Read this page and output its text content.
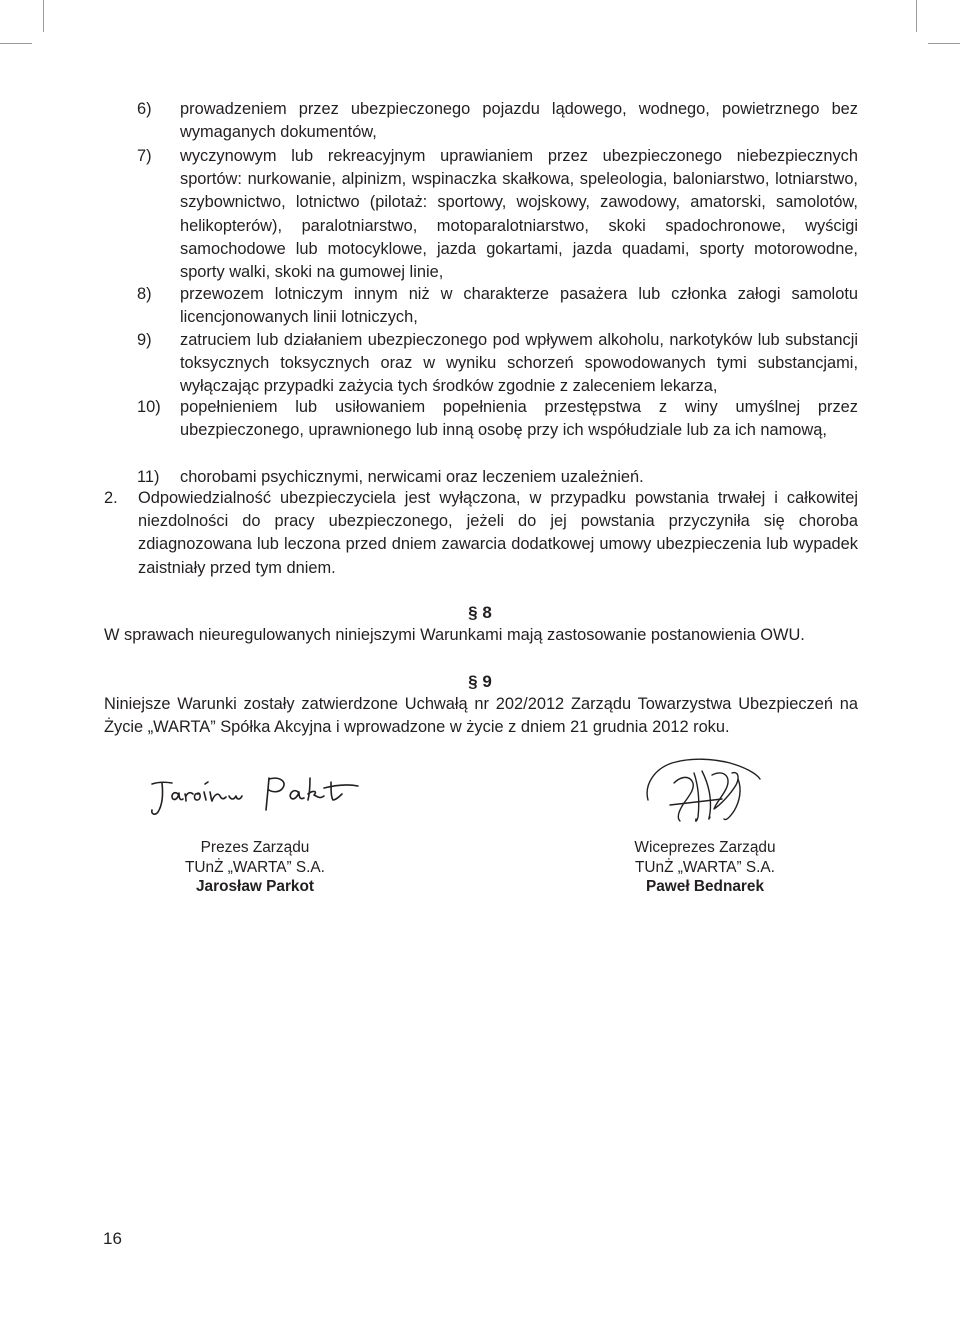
6) prowadzeniem przez ubezpieczonego pojazdu lądowego, wodnego, powietrznego bez wymaganych dokumentów,
7) wyczynowym lub rekreacyjnym uprawianiem przez ubezpieczonego niebezpiecznych sportów: nurkowanie, alpinizm, wspinaczka skałkowa, speleologia, baloniarstwo, lotniarstwo, szybownictwo, lotnictwo (pilotaż: sportowy, wojskowy, zawodowy, amatorski, samolotów, helikopterów), paralotniarstwo, motoparalotniarstwo, skoki spadochronowe, wyścigi samochodowe lub motocyklowe, jazda gokartami, jazda quadami, sporty motorowodne, sporty walki, skoki na gumowej linie,
8) przewozem lotniczym innym niż w charakterze pasażera lub członka załogi samolotu licencjonowanych linii lotniczych,
9) zatruciem lub działaniem ubezpieczonego pod wpływem alkoholu, narkotyków lub substancji toksycznych toksycznych oraz w wyniku schorzeń spowodowanych tymi substancjami, wyłączając przypadki zażycia tych środków zgodnie z zaleceniem lekarza,
10) popełnieniem lub usiłowaniem popełnienia przestępstwa z winy umyślnej przez ubezpieczonego, uprawnionego lub inną osobę przy ich współudziale lub za ich namową,
11) chorobami psychicznymi, nerwicami oraz leczeniem uzależnień.
2. Odpowiedzialność ubezpieczyciela jest wyłączona, w przypadku powstania trwałej i całkowitej niezdolności do pracy ubezpieczonego, jeżeli do jej powstania przyczyniła się choroba zdiagnozowana lub leczona przed dniem zawarcia dodatkowej umowy ubezpieczenia lub wypadek zaistniały przed tym dniem.
§ 8
W sprawach nieuregulowanych niniejszymi Warunkami mają zastosowanie postanowienia OWU.
§ 9
Niniejsze Warunki zostały zatwierdzone Uchwałą nr 202/2012 Zarządu Towarzystwa Ubezpieczeń na Życie „WARTA” Spółka Akcyjna i wprowadzone w życie z dniem 21 grudnia 2012 roku.
Prezes Zarządu
TUnŻ „WARTA” S.A.
Jarosław Parkot
Wiceprezes Zarządu
TUnŻ „WARTA” S.A.
Paweł Bednarek
16
